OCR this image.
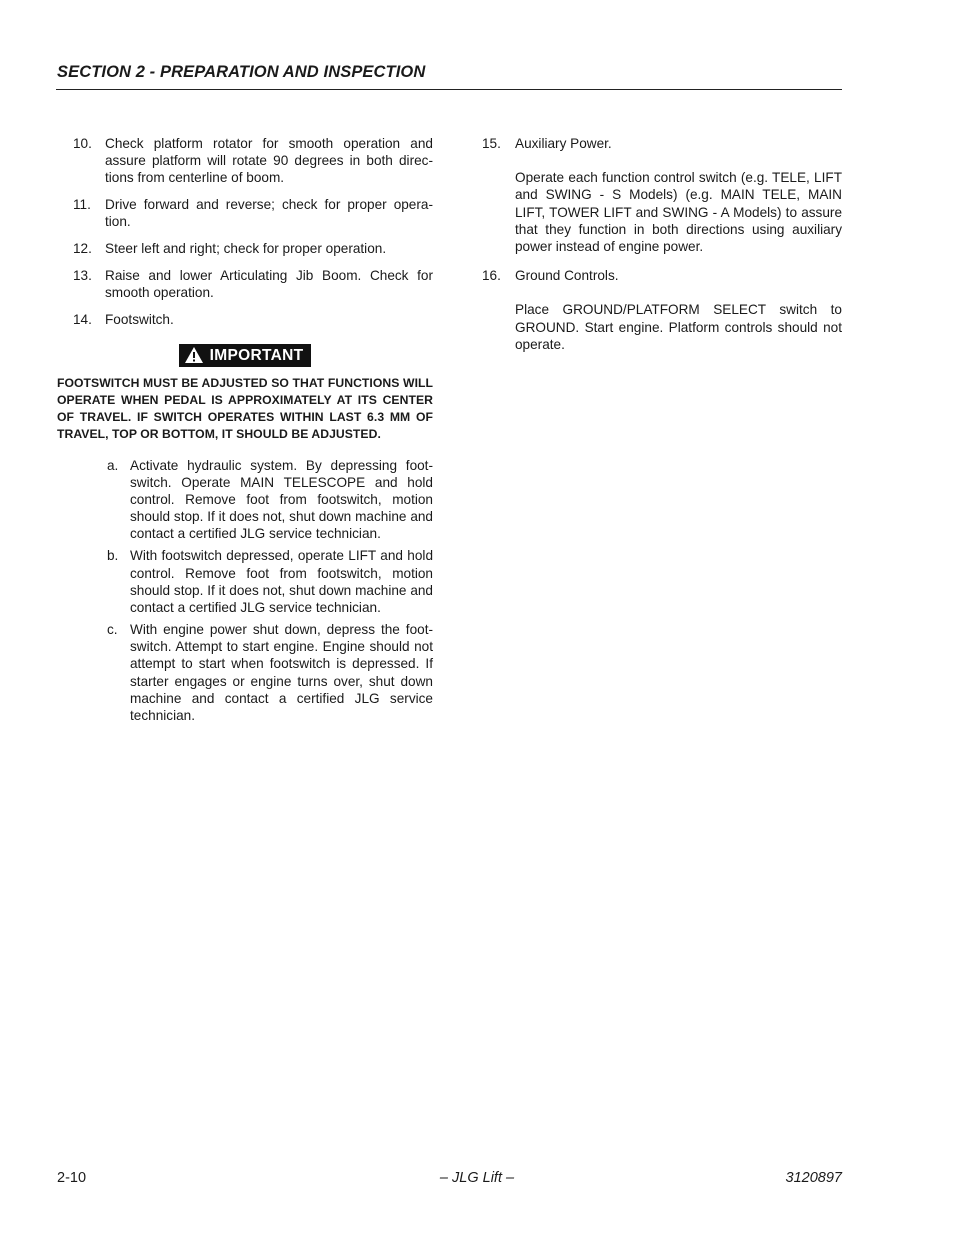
SECTION 2 - PREPARATION AND INSPECTION
10. Check platform rotator for smooth operation and assure platform will rotate 90 degrees in both direc-tions from centerline of boom.
11.	Drive forward and reverse; check for proper opera-tion.
12. Steer left and right; check for proper operation.
13. Raise and lower Articulating Jib Boom. Check for smooth operation.
14. Footswitch.
IMPORTANT
FOOTSWITCH MUST BE ADJUSTED SO THAT FUNCTIONS WILL OPERATE WHEN PEDAL IS APPROXIMATELY AT ITS CENTER OF TRAVEL. IF SWITCH OPERATES WITHIN LAST 6.3 MM OF TRAVEL, TOP OR BOTTOM, IT SHOULD BE ADJUSTED.
a. Activate hydraulic system. By depressing foot-switch. Operate MAIN TELESCOPE and hold control. Remove foot from footswitch, motion should stop. If it does not, shut down machine and contact a certified JLG service technician.
b. With footswitch depressed, operate LIFT and hold control. Remove foot from footswitch, motion should stop. If it does not, shut down machine and contact a certified JLG service technician.
c. With engine power shut down, depress the foot-switch. Attempt to start engine. Engine should not attempt to start when footswitch is depressed. If starter engages or engine turns over, shut down machine and contact a certified JLG service technician.
15.	Auxiliary Power.
Operate each function control switch (e.g. TELE, LIFT and SWING - S Models) (e.g. MAIN TELE, MAIN LIFT, TOWER LIFT and SWING - A Models) to assure that they function in both directions using auxiliary power instead of engine power.
16.	Ground Controls.
Place GROUND/PLATFORM SELECT switch to GROUND. Start engine. Platform controls should not operate.
– JLG Lift –
2-10	3120897
